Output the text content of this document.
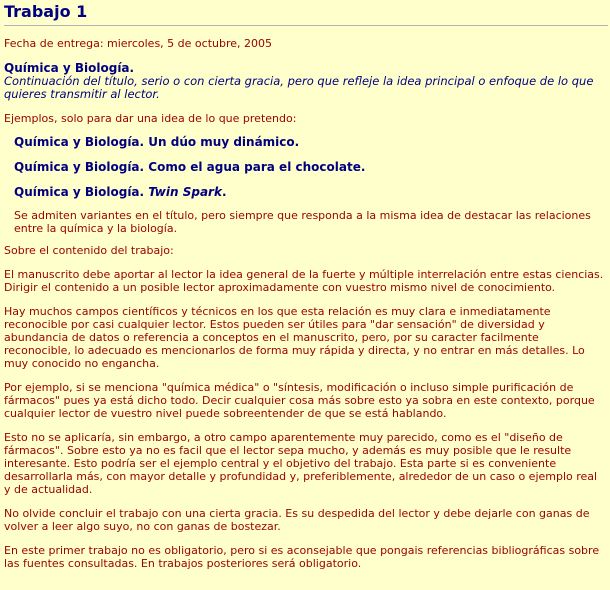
Trabajo 1

Fecha de entrega: miercoles, 5 de octubre, 2005

Química y Biología.

Continuación del título, serio o con cierta gracia, pero que refleje la idea principal o enfoque de lo que quieres transmitir al lector.

Ejemplos, solo para dar una idea de lo que pretendo:

Química y Biología. Un dúo muy dinámico.

Química y Biología. Como el agua para el chocolate.

Química y Biología. Twin Spark.

Se admiten variantes en el título, pero siempre que responda a la misma idea de destacar las relaciones entre la química y la biología.

Sobre el contenido del trabajo:

El manuscrito debe aportar al lector la idea general de la fuerte y múltiple interrelación entre estas ciencias.

Dirigir el contenido a un posible lector aproximadamente con vuestro mismo nivel de conocimiento.

Hay muchos campos científicos y técnicos en los que esta relación es muy clara e inmediatamente reconocible por casi cualquier lector. Estos pueden ser útiles para "dar sensación" de diversidad y abundancia de datos o referencia a conceptos en el manuscrito, pero, por su caracter facilmente reconocible, lo adecuado es mencionarlos de forma muy rápida y directa, y no entrar en más detalles. Lo muy conocido no engancha.

Por ejemplo, si se menciona "química médica" o "síntesis, modificación o incluso simple purificación de fármacos" pues ya está dicho todo. Decir cualquier cosa más sobre esto ya sobra en este contexto, porque cualquier lector de vuestro nivel puede sobreentender de que se está hablando.

Esto no se aplicaría, sin embargo, a otro campo aparentemente muy parecido, como es el "diseño de fármacos". Sobre esto ya no es facil que el lector sepa mucho, y además es muy posible que le resulte interesante. Esto podría ser el ejemplo central y el objetivo del trabajo. Esta parte si es conveniente desarrollarla más, con mayor detalle y profundidad y, preferiblemente, alrededor de un caso o ejemplo real y de actualidad.

No olvide concluir el trabajo con una cierta gracia. Es su despedida del lector y debe dejarle con ganas de volver a leer algo suyo, no con ganas de bostezar.

En este primer trabajo no es obligatorio, pero si es aconsejable que pongais referencias bibliográficas sobre las fuentes consultadas. En trabajos posteriores será obligatorio.
